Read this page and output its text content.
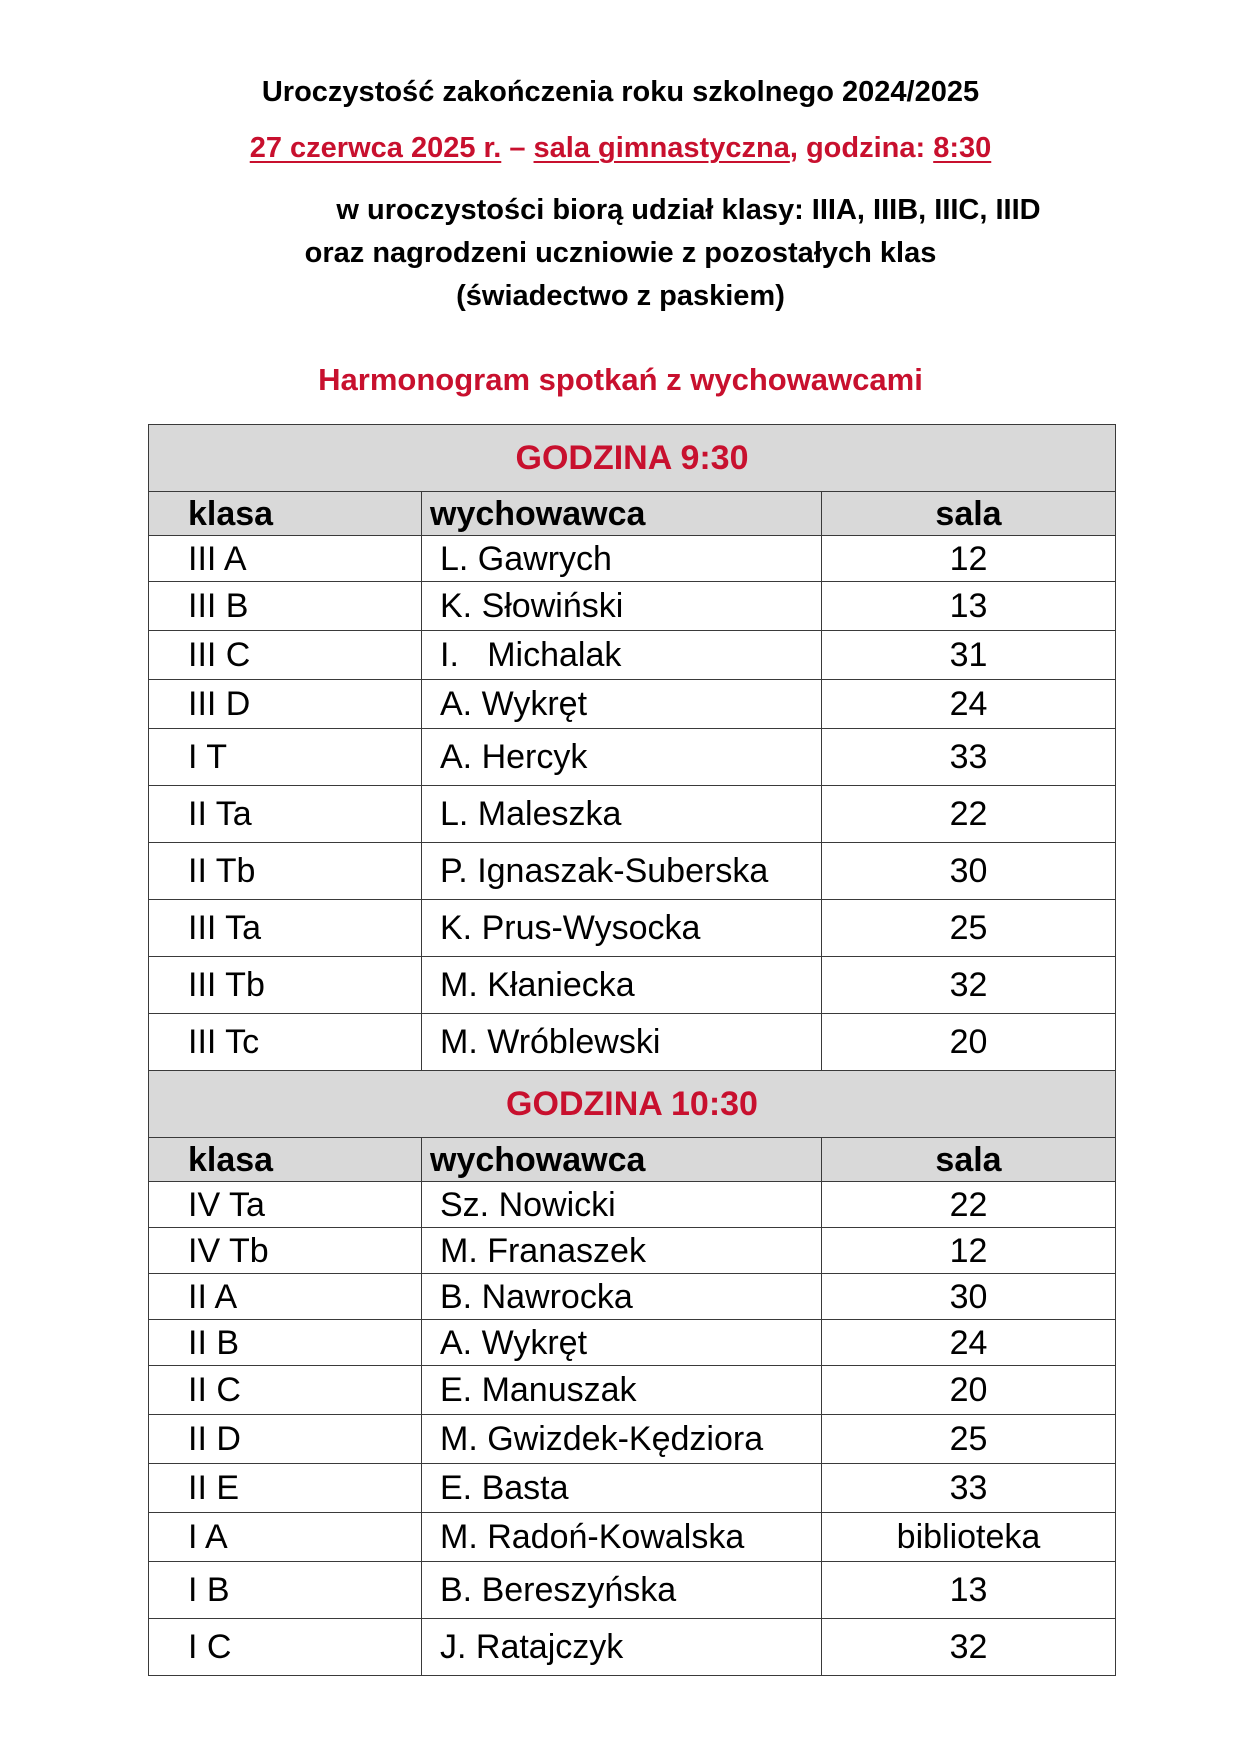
Uroczystość zakończenia roku szkolnego 2024/2025
27 czerwca 2025 r. – sala gimnastyczna, godzina: 8:30
w uroczystości biorą udział klasy: IIIA, IIIB, IIIC, IIID
oraz nagrodzeni uczniowie z pozostałych klas
(świadectwo z paskiem)
Harmonogram spotkań z wychowawcami
GODZINA 9:30		
klasa	wychowawca	sala
III A	L. Gawrych	12
III B	K. Słowiński	13
III C	I.   Michalak	31
III D	A. Wykręt	24
I T	A. Hercyk	33
II Ta	L. Maleszka	22
II Tb	P. Ignaszak-Suberska	30
III Ta	K. Prus-Wysocka	25
III Tb	M. Kłaniecka	32
III Tc	M. Wróblewski	20
GODZINA 10:30		
klasa	wychowawca	sala
IV Ta	Sz. Nowicki	22
IV Tb	M. Franaszek	12
II A	B. Nawrocka	30
II B	A. Wykręt	24
II C	E. Manuszak	20
II D	M. Gwizdek-Kędziora	25
II E	E. Basta	33
I A	M. Radoń-Kowalska	biblioteka
I B	B. Bereszyńska	13
I C	J. Ratajczyk	32
